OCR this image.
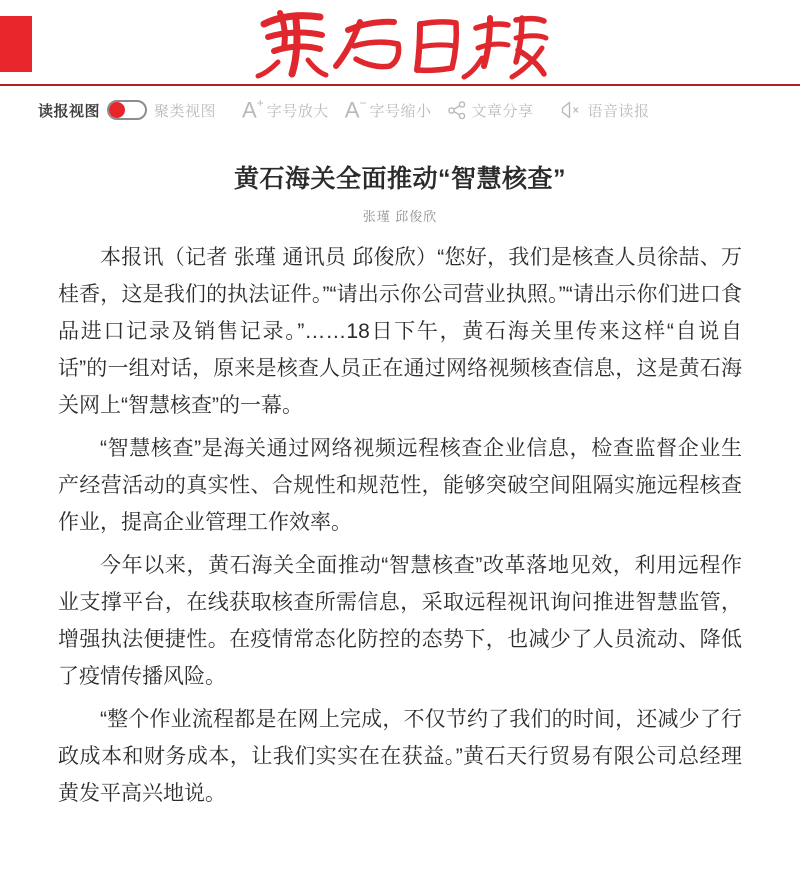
读报视图	聚类视图 A+ 字号放大 A− 字号缩小	文章分享	语音读报
黄石海关全面推动“智慧核查”
张瑾 邱俊欣

本报讯（记者 张瑾 通讯员 邱俊欣）“您好，我们是核查人员徐喆、万桂香，这是我们的执法证件。”“请出示你公司营业执照。”“请出示你们进口食品进口记录及销售记录。”……18日下午，黄石海关里传来这样“自说自话”的一组对话，原来是核查人员正在通过网络视频核查信息，这是黄石海关网上“智慧核查”的一幕。

“智慧核查”是海关通过网络视频远程核查企业信息，检查监督企业生产经营活动的真实性、合规性和规范性，能够突破空间阻隔实施远程核查作业，提高企业管理工作效率。

今年以来，黄石海关全面推动“智慧核查”改革落地见效，利用远程作业支撑平台，在线获取核查所需信息，采取远程视讯询问推进智慧监管，增强执法便捷性。在疫情常态化防控的态势下，也减少了人员流动、降低了疫情传播风险。

“整个作业流程都是在网上完成，不仅节约了我们的时间，还减少了行政成本和财务成本，让我们实实在在获益。”黄石天行贸易有限公司总经理黄发平高兴地说。
